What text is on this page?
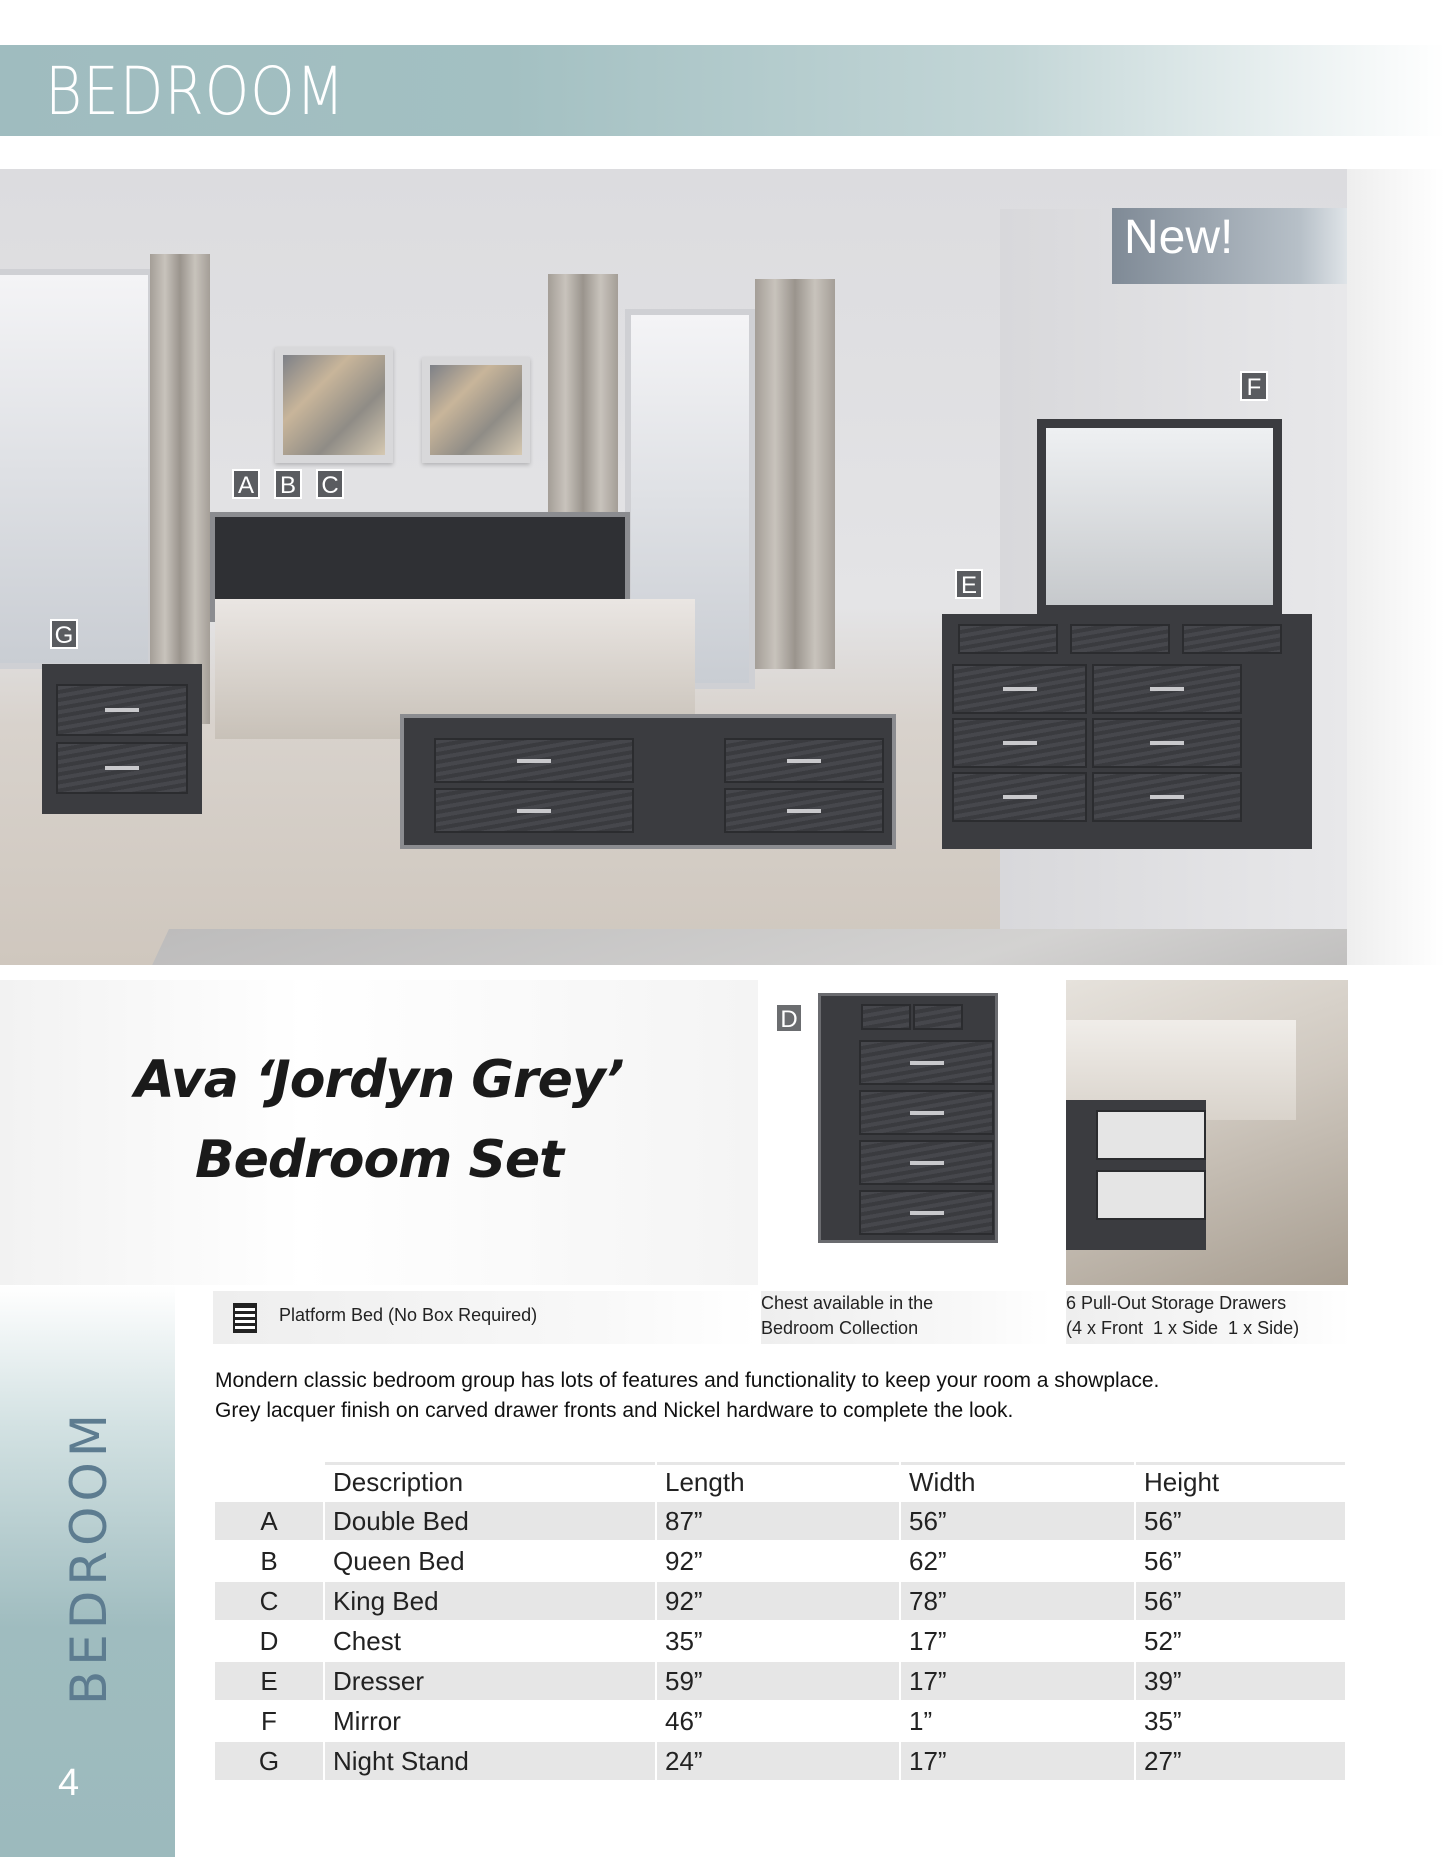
BEDROOM
A B C
E
F
G
New!
Ava ‘Jordyn Grey’
Bedroom Set
D
BEDROOM
4
Platform Bed (No Box Required)
Chest available in the
Bedroom Collection
6 Pull-Out Storage Drawers
(4 x Front  1 x Side  1 x Side)
Mondern classic bedroom group has lots of features and functionality to keep your room a showplace.
Grey lacquer finish on carved drawer fronts and Nickel hardware to complete the look.
	Description	Length	Width	Height
A	Double Bed	87”	56”	56”
B	Queen Bed	92”	62”	56”
C	King Bed	92”	78”	56”
D	Chest	35”	17”	52”
E	Dresser	59”	17”	39”
F	Mirror	46”	1”	35”
G	Night Stand	24”	17”	27”
